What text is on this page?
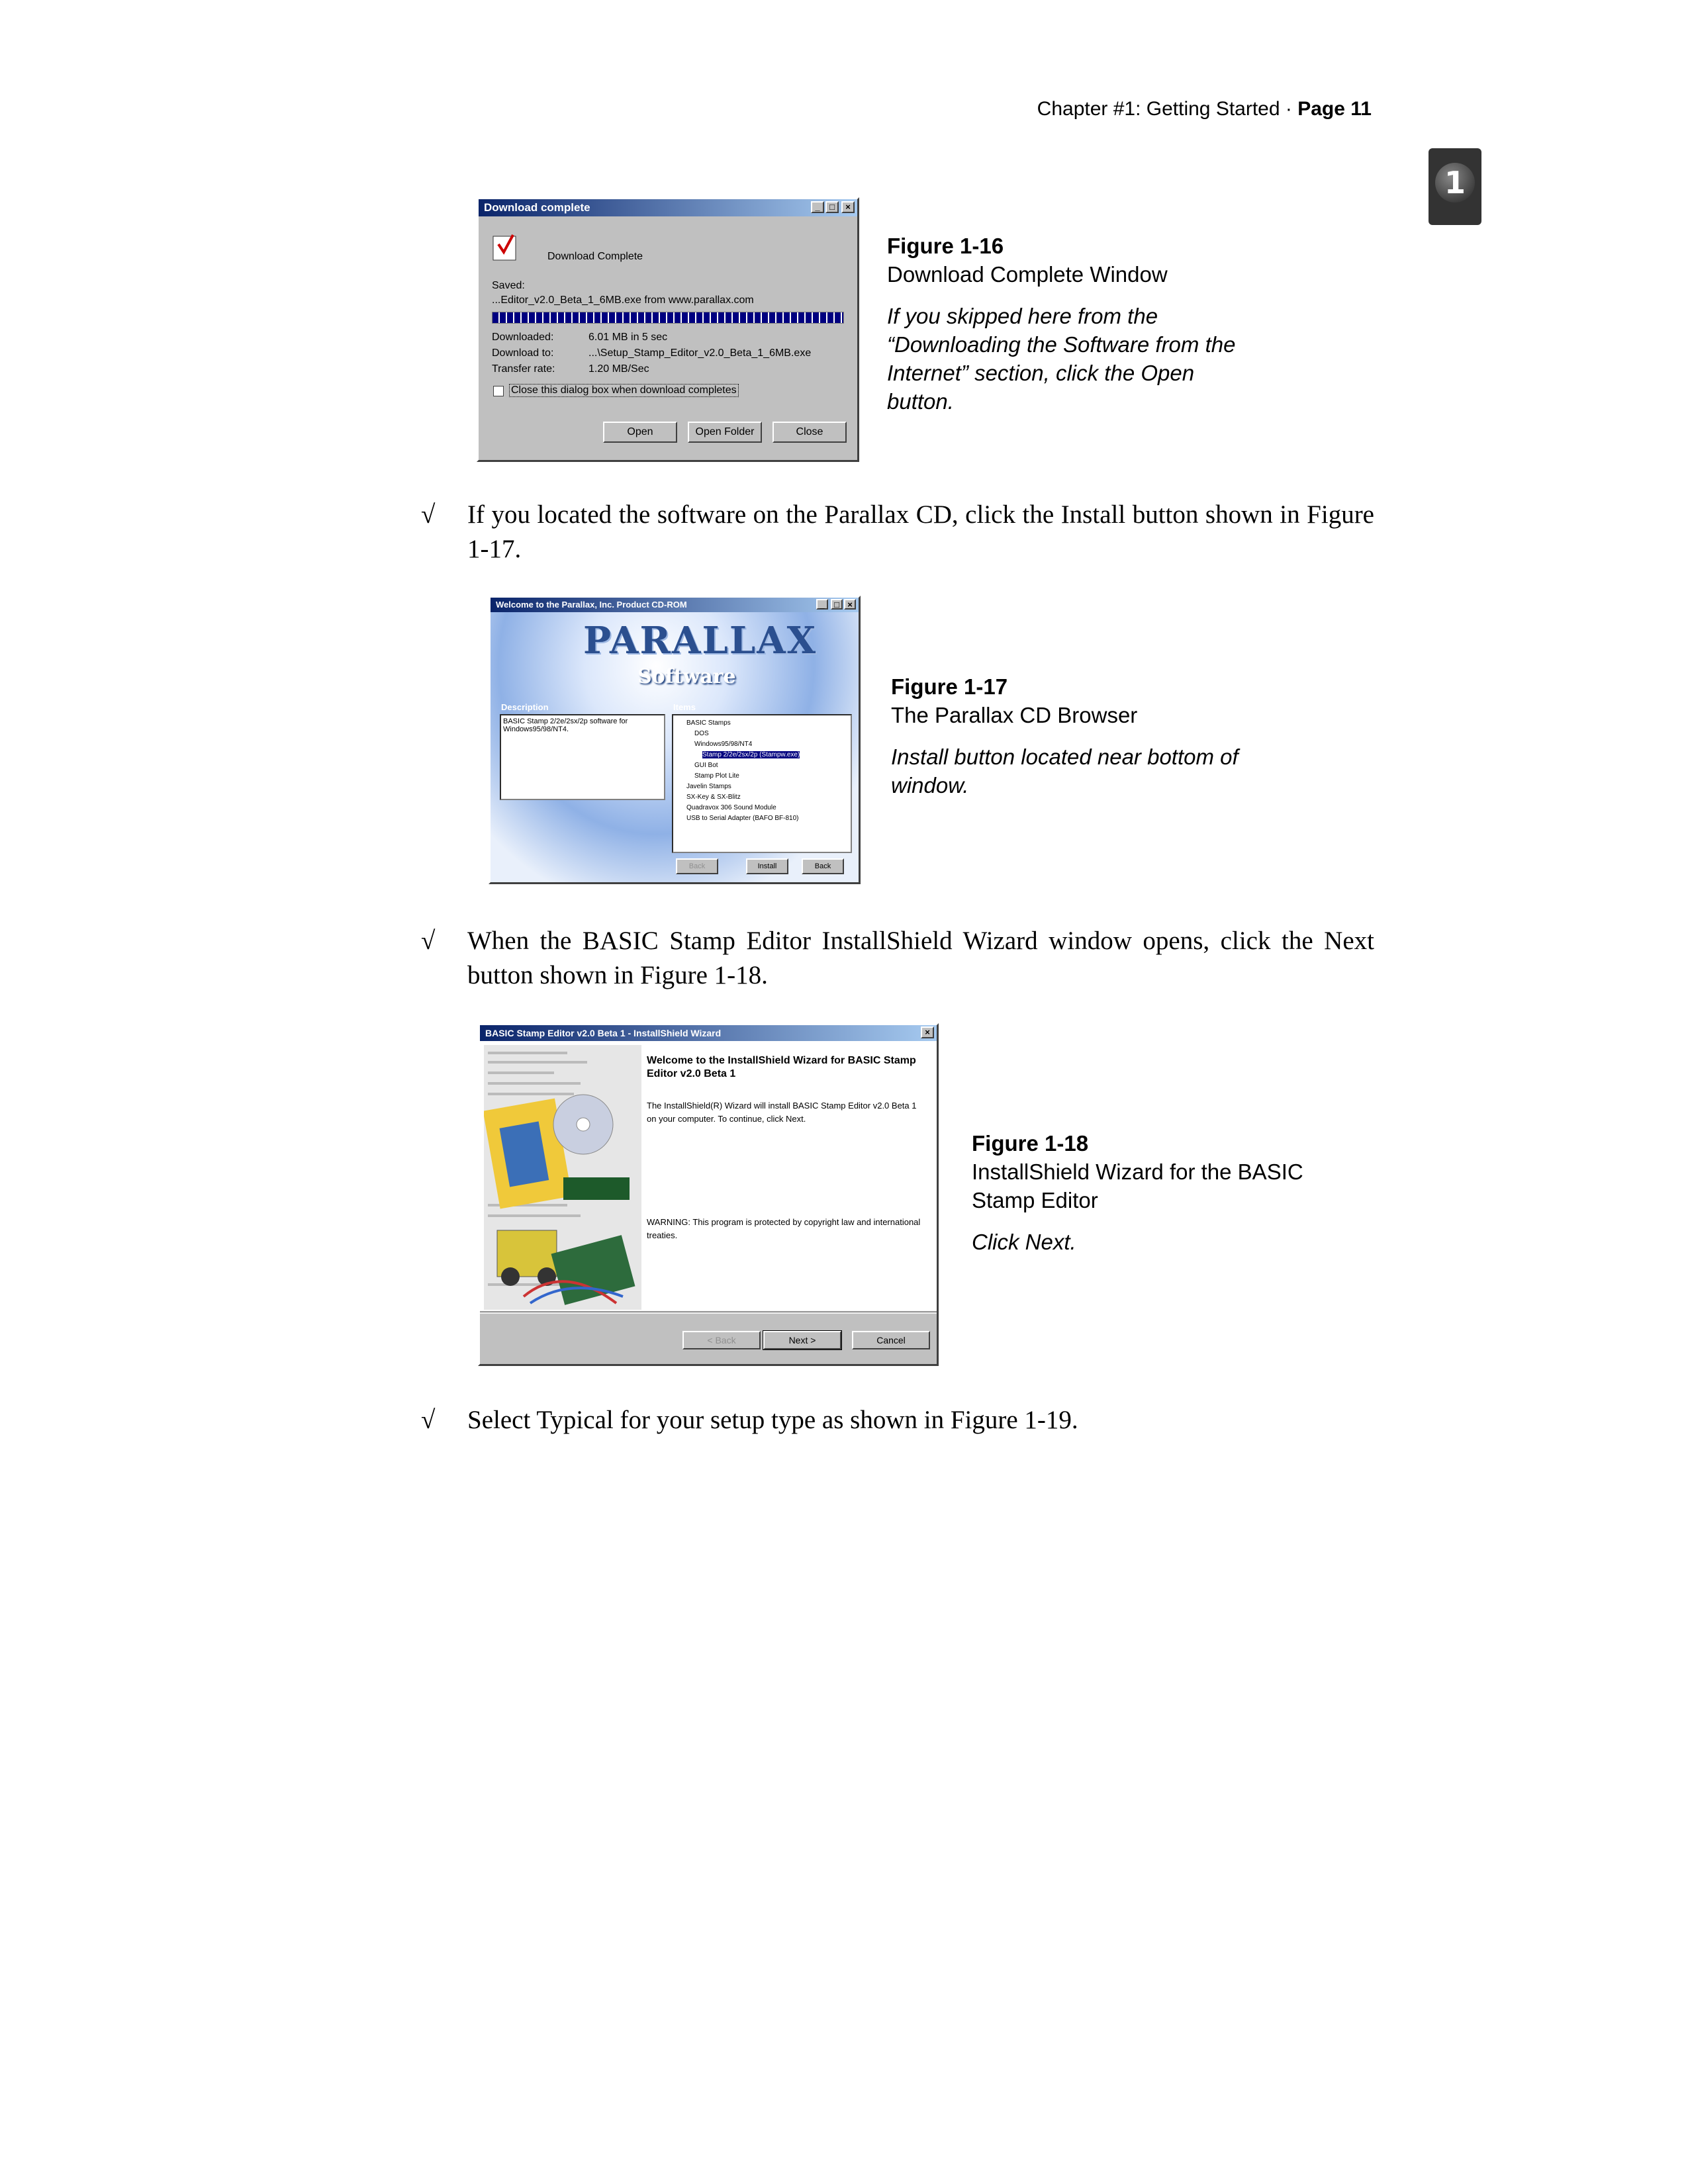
Chapter #1: Getting Started · Page 11
1
Download complete	_	□	×
Download Complete
Saved:
...Editor_v2.0_Beta_1_6MB.exe from www.parallax.com
Downloaded:	6.01 MB in 5 sec
Download to:	...\Setup_Stamp_Editor_v2.0_Beta_1_6MB.exe
Transfer rate:	1.20 MB/Sec
Close this dialog box when download completes
Open	Open Folder	Close
Figure 1-16
Download Complete Window
If you skipped here from the “Downloading the Software from the Internet” section, click the Open button.
√ If you located the software on the Parallax CD, click the Install button shown in Figure 1-17.
Welcome to the Parallax, Inc. Product CD-ROM	_	□ ×
PARALLAX
Software
Description
BASIC Stamp 2/2e/2sx/2p software for Windows95/98/NT4.
Items
BASIC Stamps
DOS
Windows95/98/NT4
Stamp 2/2e/2sx/2p (Stampw.exe)
GUI Bot
Stamp Plot Lite
Javelin Stamps
SX-Key & SX-Blitz
Quadravox 306 Sound Module
USB to Serial Adapter (BAFO BF-810)
Back	Install	Back
Figure 1-17
The Parallax CD Browser
Install button located near bottom of window.
√ When the BASIC Stamp Editor InstallShield Wizard window opens, click the Next button shown in Figure 1-18.
BASIC Stamp Editor v2.0 Beta 1 - InstallShield Wizard	×
Welcome to the InstallShield Wizard for BASIC Stamp Editor v2.0 Beta 1
The InstallShield(R) Wizard will install BASIC Stamp Editor v2.0 Beta 1 on your computer. To continue, click Next.
WARNING: This program is protected by copyright law and international treaties.
< Back	Next >	Cancel
Figure 1-18
InstallShield Wizard for the BASIC Stamp Editor
Click Next.
√ Select Typical for your setup type as shown in Figure 1-19.
